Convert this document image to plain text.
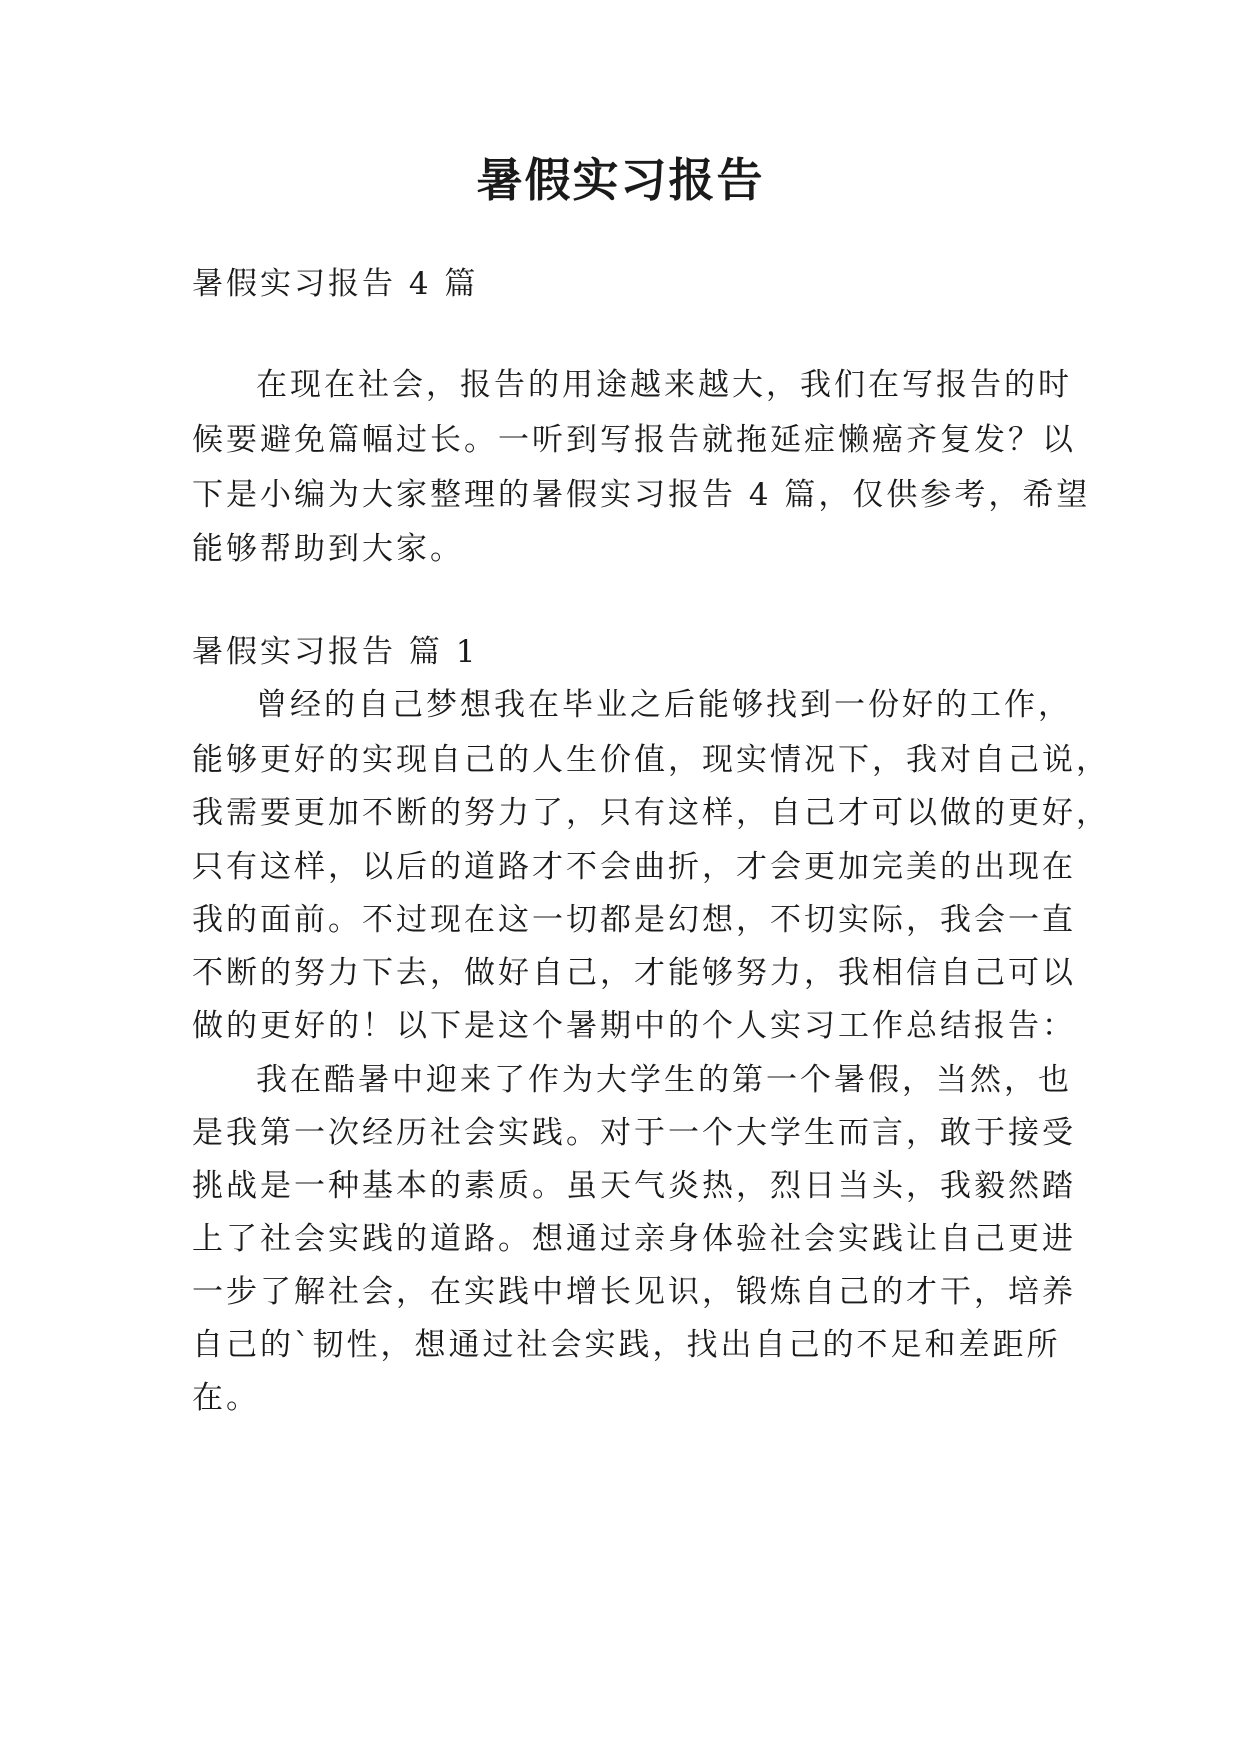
暑假实习报告
暑假实习报告 4 篇
在现在社会，报告的用途越来越大，我们在写报告的时
候要避免篇幅过长。一听到写报告就拖延症懒癌齐复发？以
下是小编为大家整理的暑假实习报告 4 篇，仅供参考，希望
能够帮助到大家。
暑假实习报告 篇 1
曾经的自己梦想我在毕业之后能够找到一份好的工作，
能够更好的实现自己的人生价值，现实情况下，我对自己说，
我需要更加不断的努力了，只有这样，自己才可以做的更好，
只有这样，以后的道路才不会曲折，才会更加完美的出现在
我的面前。不过现在这一切都是幻想，不切实际，我会一直
不断的努力下去，做好自己，才能够努力，我相信自己可以
做的更好的！以下是这个暑期中的个人实习工作总结报告：
我在酷暑中迎来了作为大学生的第一个暑假，当然，也
是我第一次经历社会实践。对于一个大学生而言，敢于接受
挑战是一种基本的素质。虽天气炎热，烈日当头，我毅然踏
上了社会实践的道路。想通过亲身体验社会实践让自己更进
一步了解社会，在实践中增长见识，锻炼自己的才干，培养
自己的`韧性，想通过社会实践，找出自己的不足和差距所
在。
